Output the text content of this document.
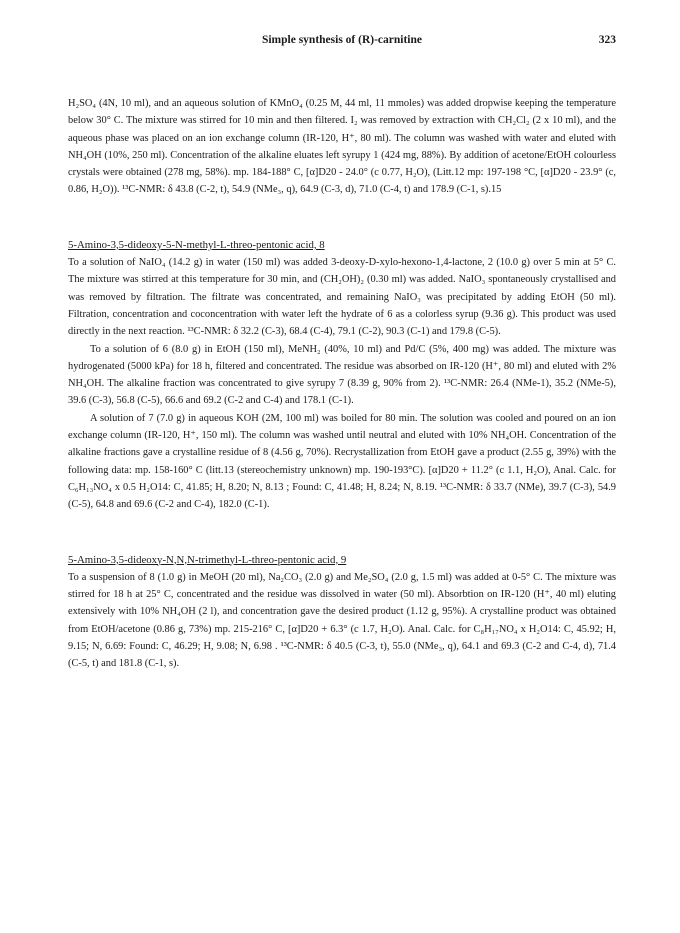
Simple synthesis of (R)-carnitine	323

H₂SO₄ (4N, 10 ml), and an aqueous solution of KMnO₄ (0.25 M, 44 ml, 11 mmoles) was added dropwise keeping the temperature below 30° C. The mixture was stirred for 10 min and then filtered. I₂ was removed by extraction with CH₂Cl₂ (2 x 10 ml), and the aqueous phase was placed on an ion exchange column (IR-120, H⁺, 80 ml). The column was washed with water and eluted with NH₄OH (10%, 250 ml). Concentration of the alkaline eluates left syrupy 1 (424 mg, 88%). By addition of acetone/EtOH colourless crystals were obtained (278 mg, 58%). mp. 184-188° C, [α]D20 - 24.0° (c 0.77, H₂O), (Litt.12 mp: 197-198 °C, [α]D20 - 23.9° (c, 0.86, H₂O)). ¹³C-NMR: δ 43.8 (C-2, t), 54.9 (NMe₃, q), 64.9 (C-3, d), 71.0 (C-4, t) and 178.9 (C-1, s).15

5-Amino-3,5-dideoxy-5-N-methyl-L-threo-pentonic acid, 8

To a solution of NaIO₄ (14.2 g) in water (150 ml) was added 3-deoxy-D-xylo-hexono-1,4-lactone, 2 (10.0 g) over 5 min at 5° C. The mixture was stirred at this temperature for 30 min, and (CH₂OH)₂ (0.30 ml) was added. NaIO₃ spontaneously crystallised and was removed by filtration. The filtrate was concentrated, and remaining NaIO₃ was precipitated by adding EtOH (50 ml). Filtration, concentration and coconcentration with water left the hydrate of 6 as a colorless syrup (9.36 g). This product was used directly in the next reaction. ¹³C-NMR: δ 32.2 (C-3), 68.4 (C-4), 79.1 (C-2), 90.3 (C-1) and 179.8 (C-5).

To a solution of 6 (8.0 g) in EtOH (150 ml), MeNH₂ (40%, 10 ml) and Pd/C (5%, 400 mg) was added. The mixture was hydrogenated (5000 kPa) for 18 h, filtered and concentrated. The residue was absorbed on IR-120 (H⁺, 80 ml) and eluted with 2% NH₄OH. The alkaline fraction was concentrated to give syrupy 7 (8.39 g, 90% from 2). ¹³C-NMR: 26.4 (NMe-1), 35.2 (NMe-5), 39.6 (C-3), 56.8 (C-5), 66.6 and 69.2 (C-2 and C-4) and 178.1 (C-1).

A solution of 7 (7.0 g) in aqueous KOH (2M, 100 ml) was boiled for 80 min. The solution was cooled and poured on an ion exchange column (IR-120, H⁺, 150 ml). The column was washed until neutral and eluted with 10% NH₄OH. Concentration of the alkaline fractions gave a crystalline residue of 8 (4.56 g, 70%). Recrystallization from EtOH gave a product (2.55 g, 39%) with the following data: mp. 158-160° C (litt.13 (stereochemistry unknown) mp. 190-193°C). [α]D20 + 11.2° (c 1.1, H₂O), Anal. Calc. for C₆H₁₃NO₄ x 0.5 H₂O14: C, 41.85; H, 8.20; N, 8.13 ; Found: C, 41.48; H, 8.24; N, 8.19. ¹³C-NMR: δ 33.7 (NMe), 39.7 (C-3), 54.9 (C-5), 64.8 and 69.6 (C-2 and C-4), 182.0 (C-1).

5-Amino-3,5-dideoxy-N,N,N-trimethyl-L-threo-pentonic acid, 9

To a suspension of 8 (1.0 g) in MeOH (20 ml), Na₂CO₃ (2.0 g) and Me₂SO₄ (2.0 g, 1.5 ml) was added at 0-5° C. The mixture was stirred for 18 h at 25° C, concentrated and the residue was dissolved in water (50 ml). Absorbtion on IR-120 (H⁺, 40 ml) eluting extensively with 10% NH₄OH (2 l), and concentration gave the desired product (1.12 g, 95%). A crystalline product was obtained from EtOH/acetone (0.86 g, 73%) mp. 215-216° C, [α]D20 + 6.3° (c 1.7, H₂O). Anal. Calc. for C₈H₁₇NO₄ x H₂O14: C, 45.92; H, 9.15; N, 6.69: Found: C, 46.29; H, 9.08; N, 6.98 . ¹³C-NMR: δ 40.5 (C-3, t), 55.0 (NMe₃, q), 64.1 and 69.3 (C-2 and C-4, d), 71.4 (C-5, t) and 181.8 (C-1, s).
